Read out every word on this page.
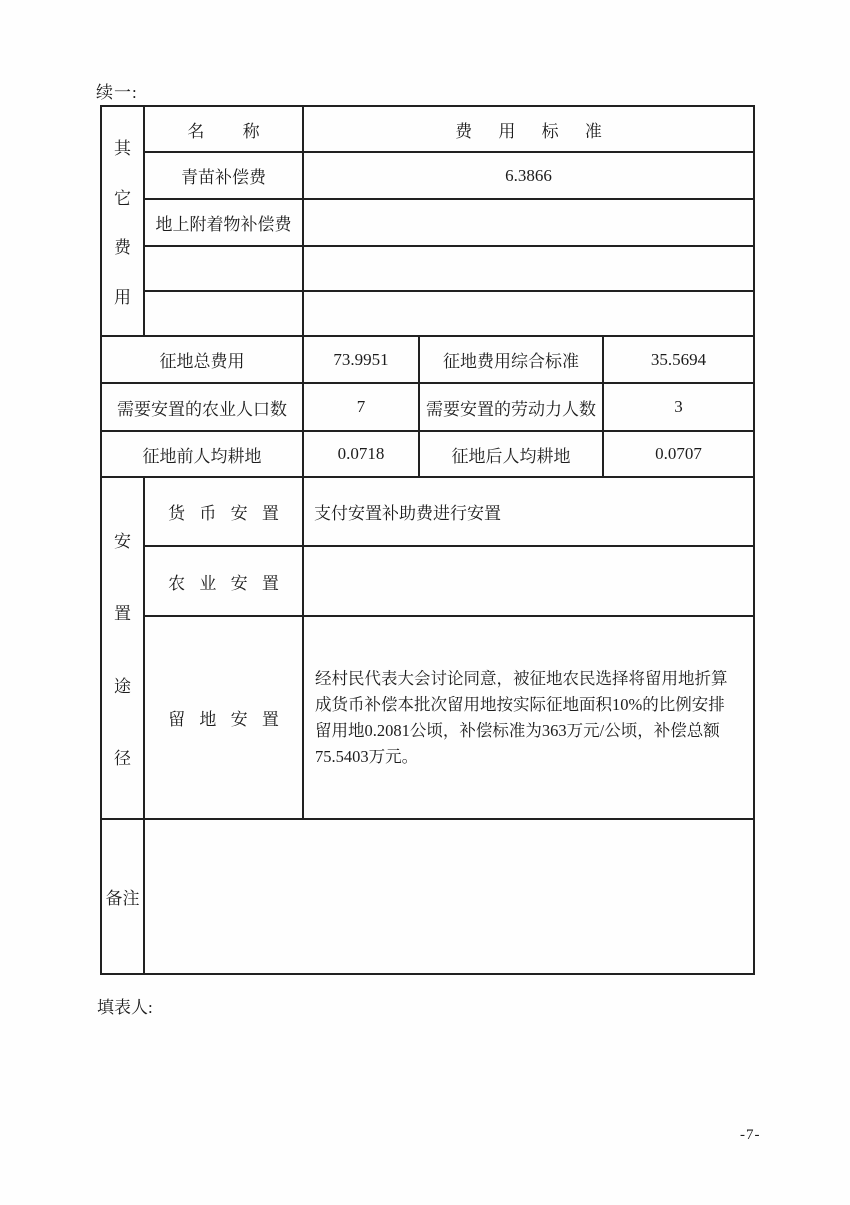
续一:
其
它
费
用	名 称	费 用 标 准		
	青苗补偿费	6.3866		
	地上附着物补偿费			

征地总费用		73.9951	征地费用综合标准	35.5694
需要安置的农业人口数		7	需要安置的劳动力人数	3
征地前人均耕地		0.0718	征地后人均耕地	0.0707

安
置
途
径	货 币 安 置	支付安置补助费进行安置		
	农 业 安 置			
	留 地 安 置	经村民代表大会讨论同意，被征地农民选择将留用地折算成货币补偿本批次留用地按实际征地面积10%的比例安排留用地0.2081公顷，补偿标准为363万元/公顷，补偿总额75.5403万元。		
备注				
填表人:
-7-
